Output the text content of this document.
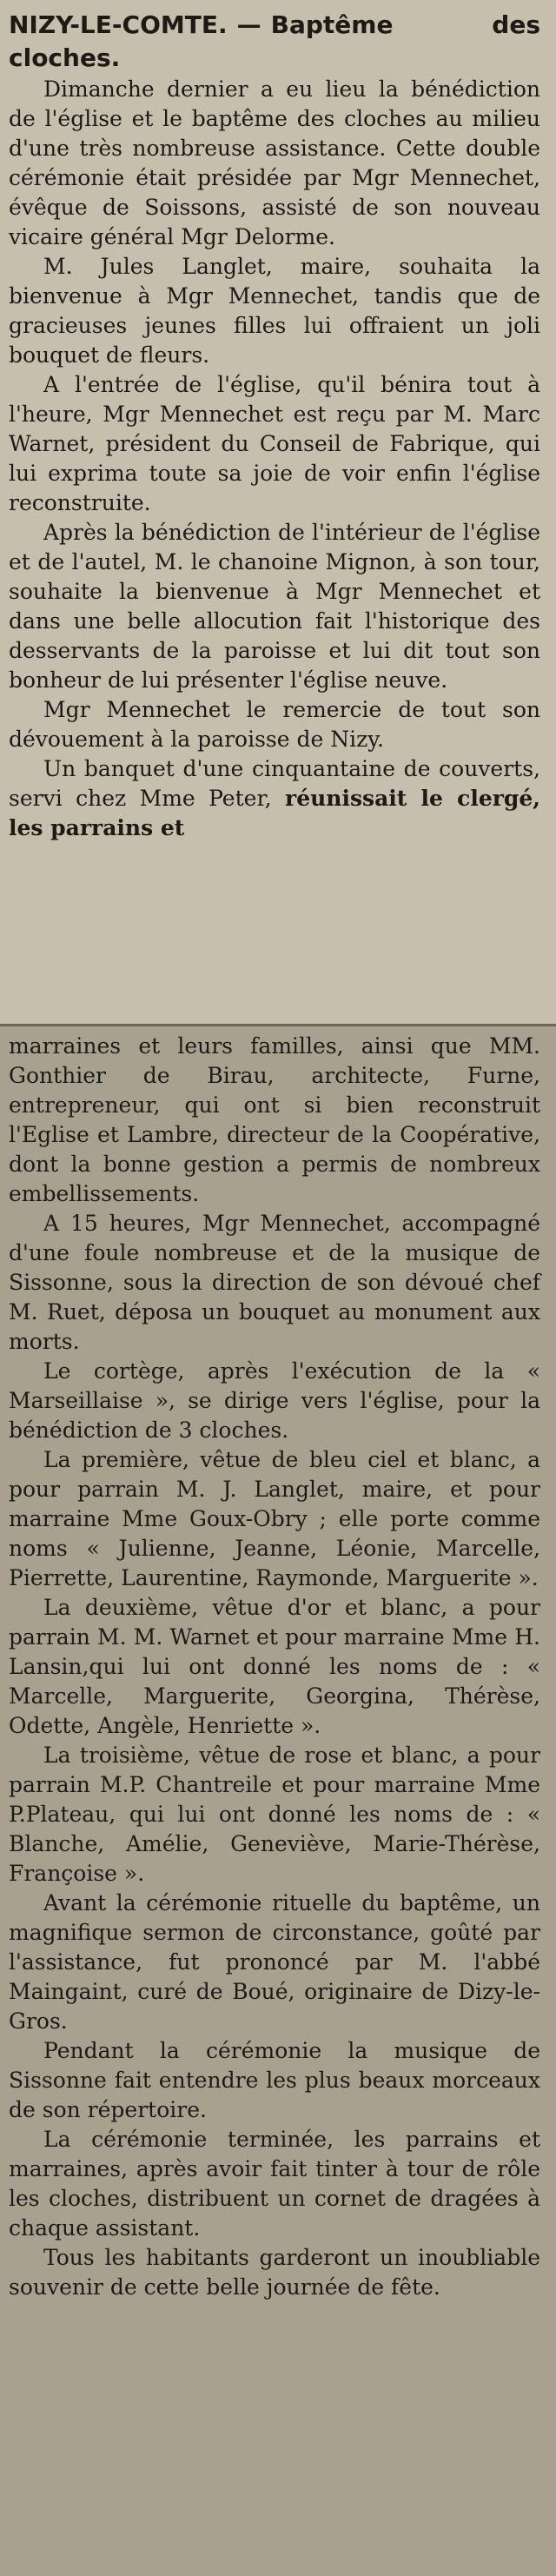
NIZY-LE-COMTE. — Baptême des cloches.

Dimanche dernier a eu lieu la bénédiction de l'église et le baptême des cloches au milieu d'une très nombreuse assistance. Cette double cérémonie était présidée par Mgr Mennechet, évêque de Soissons, assisté de son nouveau vicaire général Mgr Delorme.

M. Jules Langlet, maire, souhaita la bienvenue à Mgr Mennechet, tandis que de gracieuses jeunes filles lui offraient un joli bouquet de fleurs.

A l'entrée de l'église, qu'il bénira tout à l'heure, Mgr Mennechet est reçu par M. Marc Warnet, président du Conseil de Fabrique, qui lui exprima toute sa joie de voir enfin l'église reconstruite.

Après la bénédiction de l'intérieur de l'église et de l'autel, M. le chanoine Mignon, à son tour, souhaite la bienvenue à Mgr Mennechet et dans une belle allocution fait l'historique des desservants de la paroisse et lui dit tout son bonheur de lui présenter l'église neuve.

Mgr Mennechet le remercie de tout son dévouement à la paroisse de Nizy.

Un banquet d'une cinquantaine de couverts, servi chez Mme Peter, réunissait le clergé, les parrains et

marraines et leurs familles, ainsi que MM. Gonthier de Birau, architecte, Furne, entrepreneur, qui ont si bien reconstruit l'Eglise et Lambre, directeur de la Coopérative, dont la bonne gestion a permis de nombreux embellissements.

A 15 heures, Mgr Mennechet, accompagné d'une foule nombreuse et de la musique de Sissonne, sous la direction de son dévoué chef M. Ruet, déposa un bouquet au monument aux morts.

Le cortège, après l'exécution de la « Marseillaise », se dirige vers l'église, pour la bénédiction de 3 cloches.

La première, vêtue de bleu ciel et blanc, a pour parrain M. J. Langlet, maire, et pour marraine Mme Goux-Obry ; elle porte comme noms « Julienne, Jeanne, Léonie, Marcelle, Pierrette, Laurentine, Raymonde, Marguerite ».

La deuxième, vêtue d'or et blanc, a pour parrain M. M. Warnet et pour marraine Mme H. Lansin,qui lui ont donné les noms de : « Marcelle, Marguerite, Georgina, Thérèse, Odette, Angèle, Henriette ».

La troisième, vêtue de rose et blanc, a pour parrain M.P. Chantreile et pour marraine Mme P.Plateau, qui lui ont donné les noms de : « Blanche, Amélie, Geneviève, Marie-Thérèse, Françoise ».

Avant la cérémonie rituelle du baptême, un magnifique sermon de circonstance, goûté par l'assistance, fut prononcé par M. l'abbé Maingaint, curé de Boué, originaire de Dizy-le-Gros.

Pendant la cérémonie la musique de Sissonne fait entendre les plus beaux morceaux de son répertoire.

La cérémonie terminée, les parrains et marraines, après avoir fait tinter à tour de rôle les cloches, distribuent un cornet de dragées à chaque assistant.

Tous les habitants garderont un inoubliable souvenir de cette belle journée de fête.
